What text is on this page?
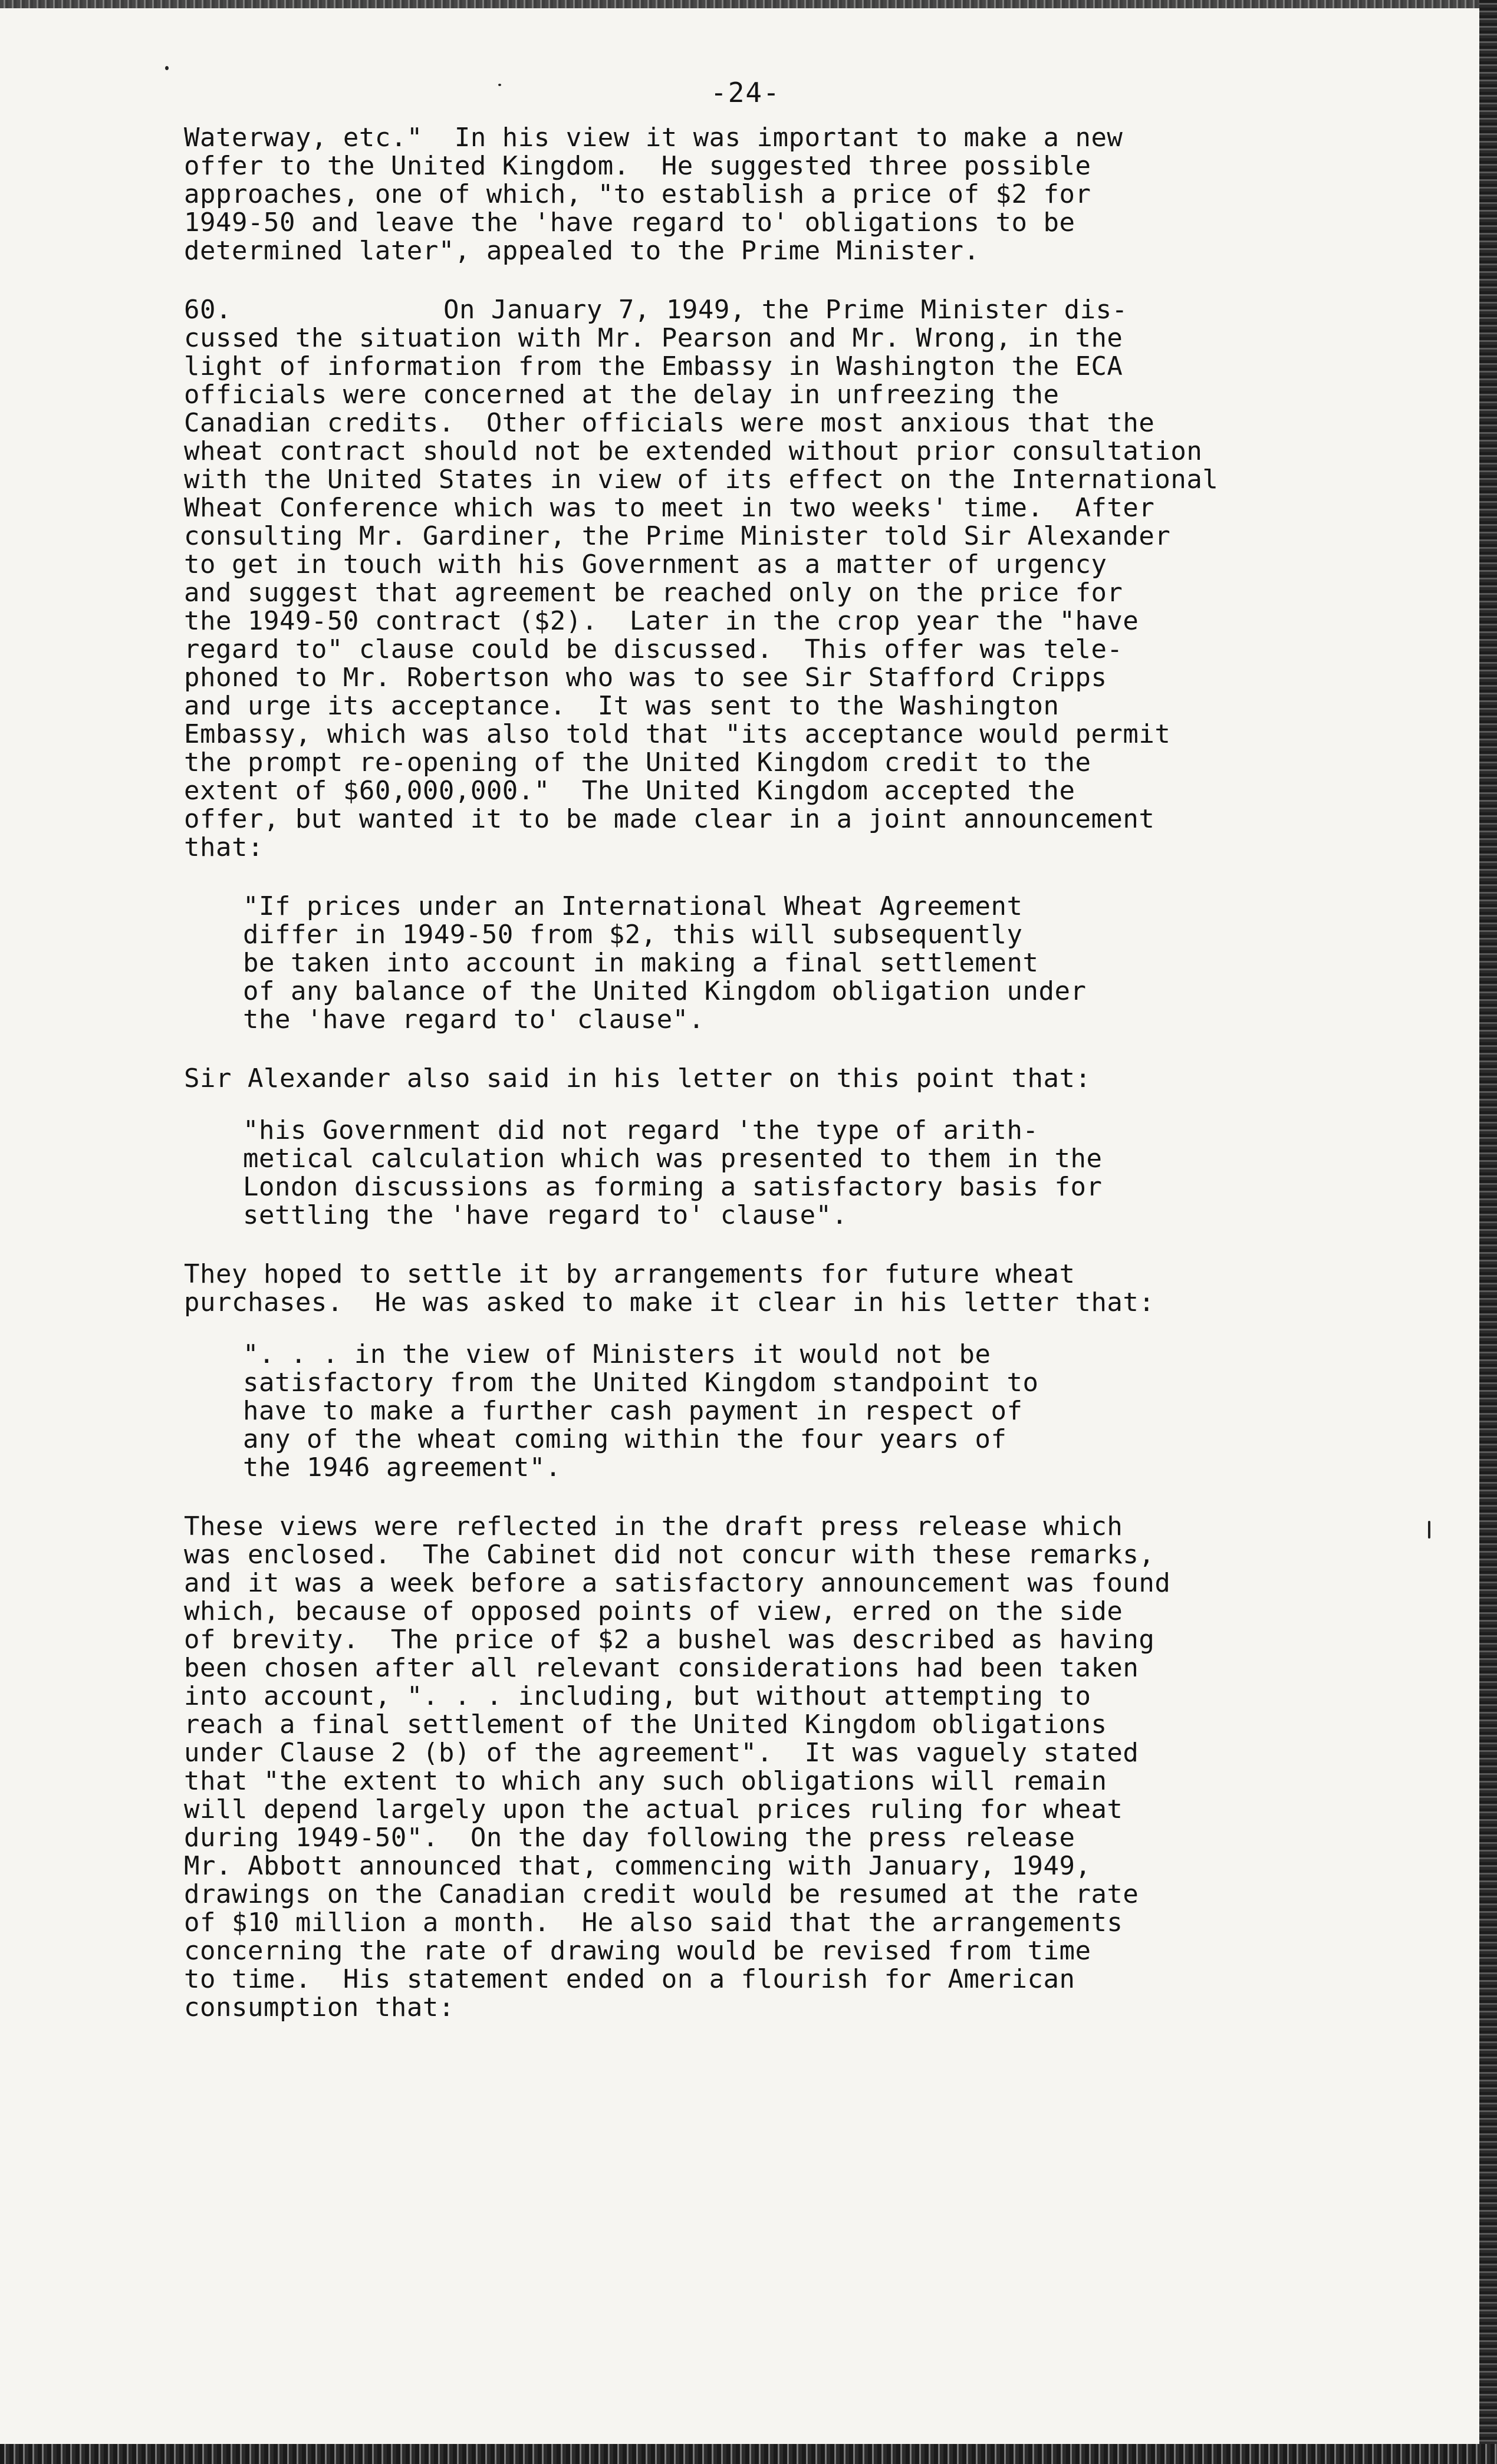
-24-
Waterway, etc."  In his view it was important to make a new
offer to the United Kingdom.  He suggested three possible
approaches, one of which, "to establish a price of $2 for
1949-50 and leave the 'have regard to' obligations to be
determined later", appealed to the Prime Minister.
60.	On January 7, 1949, the Prime Minister dis-
cussed the situation with Mr. Pearson and Mr. Wrong, in the
light of information from the Embassy in Washington the ECA
officials were concerned at the delay in unfreezing the
Canadian credits.  Other officials were most anxious that the
wheat contract should not be extended without prior consultation
with the United States in view of its effect on the International
Wheat Conference which was to meet in two weeks' time.  After
consulting Mr. Gardiner, the Prime Minister told Sir Alexander
to get in touch with his Government as a matter of urgency
and suggest that agreement be reached only on the price for
the 1949-50 contract ($2).  Later in the crop year the "have
regard to" clause could be discussed.  This offer was tele-
phoned to Mr. Robertson who was to see Sir Stafford Cripps
and urge its acceptance.  It was sent to the Washington
Embassy, which was also told that "its acceptance would permit
the prompt re-opening of the United Kingdom credit to the
extent of $60,000,000."  The United Kingdom accepted the
offer, but wanted it to be made clear in a joint announcement
that:
"If prices under an International Wheat Agreement
differ in 1949-50 from $2, this will subsequently
be taken into account in making a final settlement
of any balance of the United Kingdom obligation under
the 'have regard to' clause".
Sir Alexander also said in his letter on this point that:
"his Government did not regard 'the type of arith-
metical calculation which was presented to them in the
London discussions as forming a satisfactory basis for
settling the 'have regard to' clause".
They hoped to settle it by arrangements for future wheat
purchases.  He was asked to make it clear in his letter that:
". . . in the view of Ministers it would not be
satisfactory from the United Kingdom standpoint to
have to make a further cash payment in respect of
any of the wheat coming within the four years of
the 1946 agreement".
These views were reflected in the draft press release which
was enclosed.  The Cabinet did not concur with these remarks,
and it was a week before a satisfactory announcement was found
which, because of opposed points of view, erred on the side
of brevity.  The price of $2 a bushel was described as having
been chosen after all relevant considerations had been taken
into account, ". . . including, but without attempting to
reach a final settlement of the United Kingdom obligations
under Clause 2 (b) of the agreement".  It was vaguely stated
that "the extent to which any such obligations will remain
will depend largely upon the actual prices ruling for wheat
during 1949-50".  On the day following the press release
Mr. Abbott announced that, commencing with January, 1949,
drawings on the Canadian credit would be resumed at the rate
of $10 million a month.  He also said that the arrangements
concerning the rate of drawing would be revised from time
to time.  His statement ended on a flourish for American
consumption that:
